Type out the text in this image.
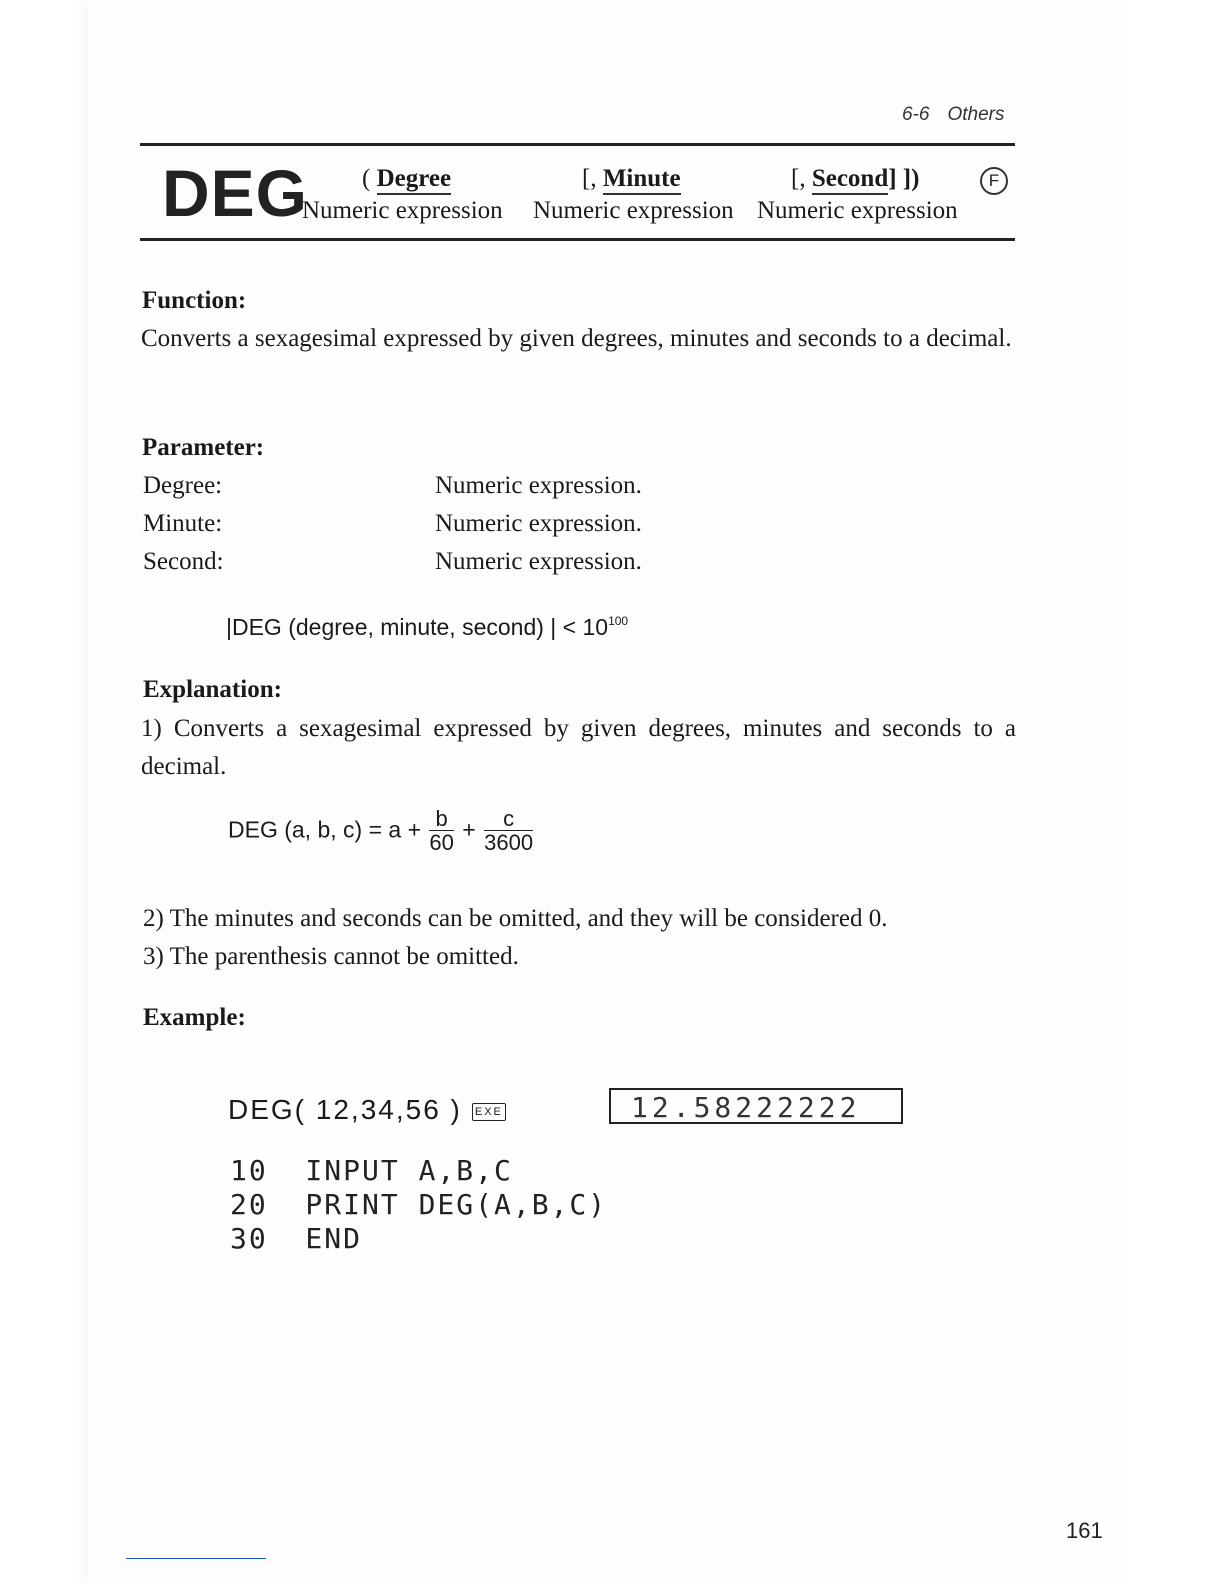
6-6 Others
DEG ( Degree	[, Minute	[, Second] ])
Numeric expression Numeric expression Numeric expression
F
Function:
Converts a sexagesimal expressed by given degrees, minutes and seconds to a decimal.
Parameter:
Degree:	Numeric expression.
Minute:	Numeric expression.
Second:	Numeric expression.
|DEG (degree, minute, second) | < $10^{100}$
Explanation:
1) Converts a sexagesimal expressed by given degrees, minutes and seconds to a decimal.
DEG (a, b, $c) = a + \frac{b}{60} + \frac{c}{3600}$
2) The minutes and seconds can be omitted, and they will be considered 0.
3) The parenthesis cannot be omitted.
Example:
DEG( 12,34,56 ) EXE	12.58222222
10  INPUT A,B,C
20  PRINT DEG(A,B,C)
30  END
161
